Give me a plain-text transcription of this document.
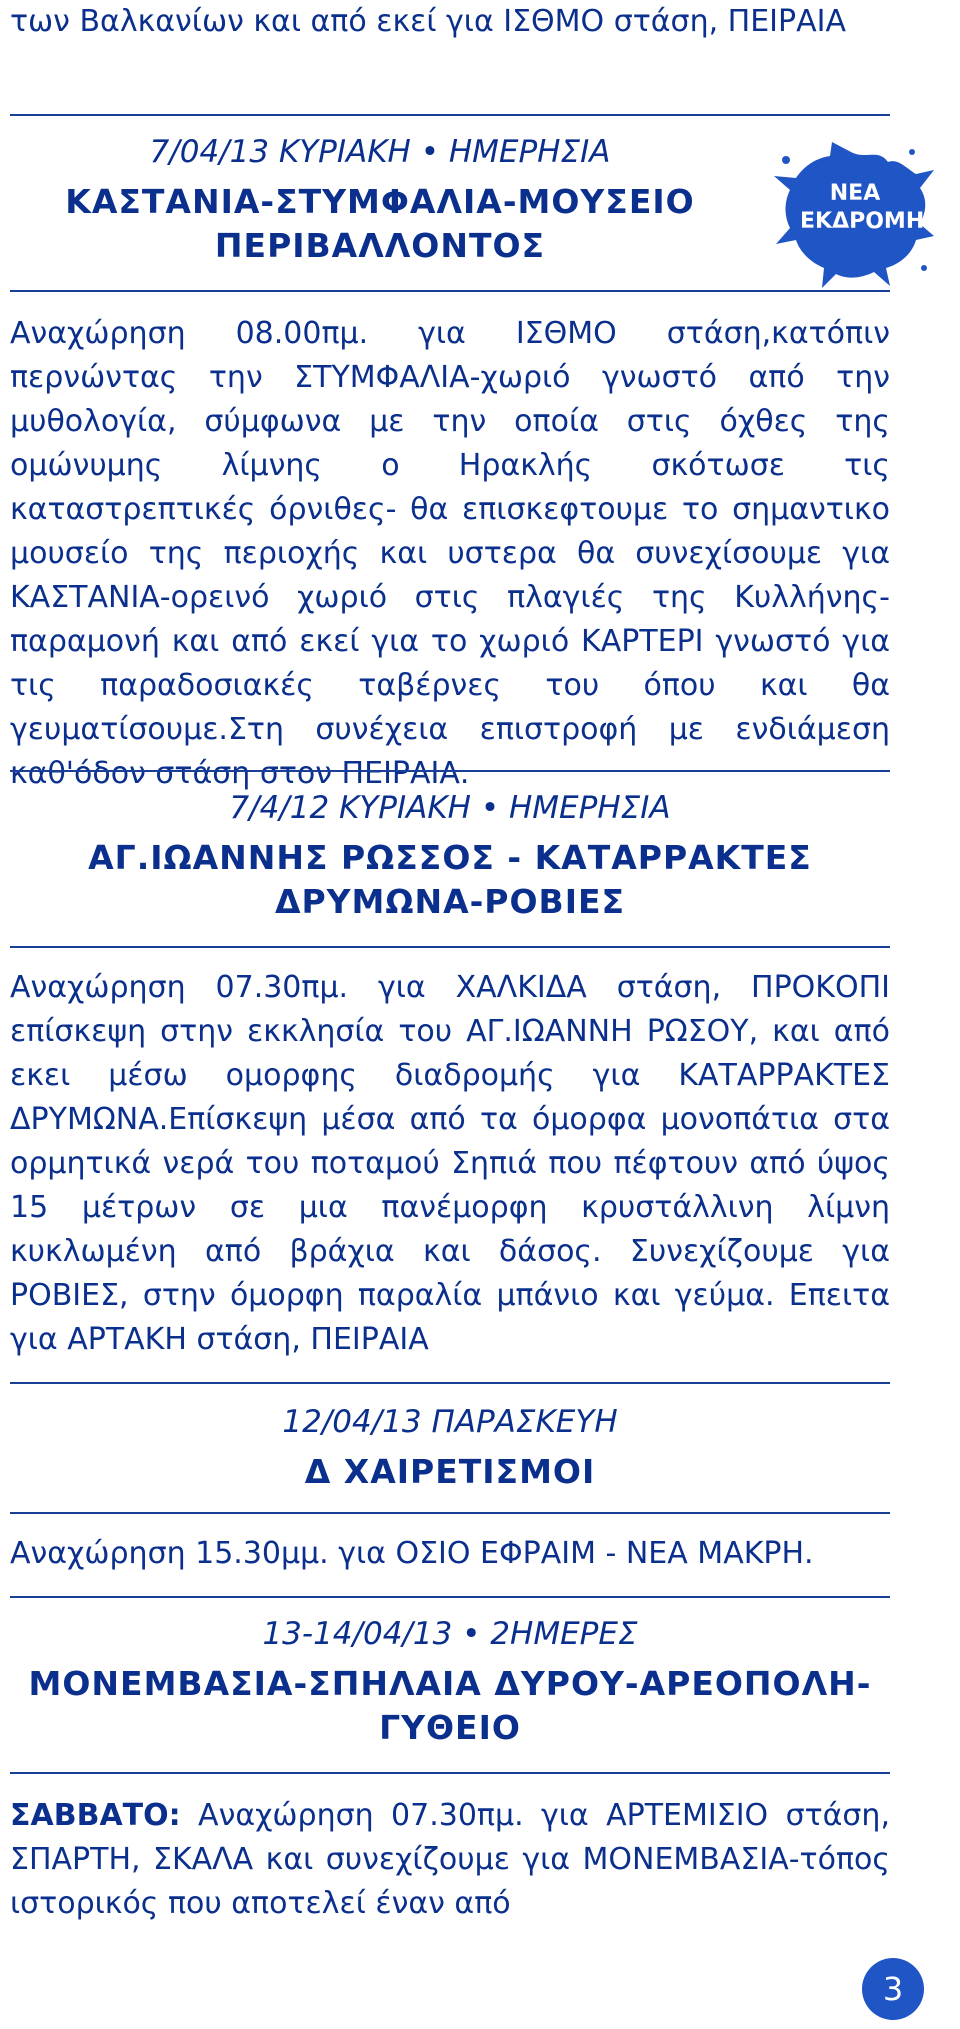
των Βαλκανίων και από εκεί για ΙΣΘΜΟ στάση, ΠΕΙΡΑΙΑ

7/04/13 ΚΥΡΙΑΚΗ • ΗΜΕΡΗΣΙΑ
ΚΑΣΤΑΝΙΑ-ΣΤΥΜΦΑΛΙΑ-ΜΟΥΣΕΙΟ
ΠΕΡΙΒΑΛΛΟΝΤΟΣ
ΝΕΑ
ΕΚΔΡΟΜΗ

Αναχώρηση 08.00πμ. για ΙΣΘΜΟ στάση,κατόπιν περνώντας την ΣΤΥΜΦΑΛΙΑ-χωριό γνωστό από την μυθολογία, σύμφωνα με την οποία στις όχθες της ομώνυμης λίμνης ο Ηρακλής σκότωσε τις καταστρεπτικές όρνιθες- θα επισκεφτουμε το σημαντικο μουσείο της περιοχής και υστερα θα συνεχίσουμε για ΚΑΣΤΑΝΙΑ-ορεινό χωριό στις πλαγιές της Κυλλήνης- παραμονή και από εκεί για το χωριό ΚΑΡΤΕΡΙ γνωστό για τις παραδοσιακές ταβέρνες του όπου και θα γευματίσουμε.Στη συνέχεια επιστροφή με ενδιάμεση καθ'όδον στάση στον ΠΕΙΡΑΙΑ.

7/4/12 ΚΥΡΙΑΚΗ • ΗΜΕΡΗΣΙΑ
ΑΓ.ΙΩΑΝΝΗΣ ΡΩΣΣΟΣ - ΚΑΤΑΡΡΑΚΤΕΣ
ΔΡΥΜΩΝΑ-ΡΟΒΙΕΣ

Αναχώρηση 07.30πμ. για ΧΑΛΚΙΔΑ στάση, ΠΡΟΚΟΠΙ επίσκεψη στην εκκλησία του ΑΓ.ΙΩΑΝΝΗ ΡΩΣΟΥ, και από εκει μέσω ομορφης διαδρομής για ΚΑΤΑΡΡΑΚΤΕΣ ΔΡΥΜΩΝΑ.Επίσκεψη μέσα από τα όμορφα μονοπάτια στα ορμητικά νερά του ποταμού Σηπιά που πέφτουν από ύψος 15 μέτρων σε μια πανέμορφη κρυστάλλινη λίμνη κυκλωμένη από βράχια και δάσος. Συνεχίζουμε για ΡΟΒΙΕΣ, στην όμορφη παραλία μπάνιο και γεύμα. Επειτα για ΑΡΤΑΚΗ στάση, ΠΕΙΡΑΙΑ

12/04/13 ΠΑΡΑΣΚΕΥΗ
Δ ΧΑΙΡΕΤΙΣΜΟΙ

Αναχώρηση 15.30μμ. για ΟΣΙΟ ΕΦΡΑΙΜ - ΝΕΑ ΜΑΚΡΗ.

13-14/04/13 • 2ΗΜΕΡΕΣ
ΜΟΝΕΜΒΑΣΙΑ-ΣΠΗΛΑΙΑ ΔΥΡΟΥ-ΑΡΕΟΠΟΛΗ-
ΓΥΘΕΙΟ

ΣΑΒΒΑΤΟ: Αναχώρηση 07.30πμ. για ΑΡΤΕΜΙΣΙΟ στάση, ΣΠΑΡΤΗ, ΣΚΑΛΑ και συνεχίζουμε για ΜΟΝΕΜΒΑΣΙΑ-τόπος ιστορικός που αποτελεί έναν από

3
